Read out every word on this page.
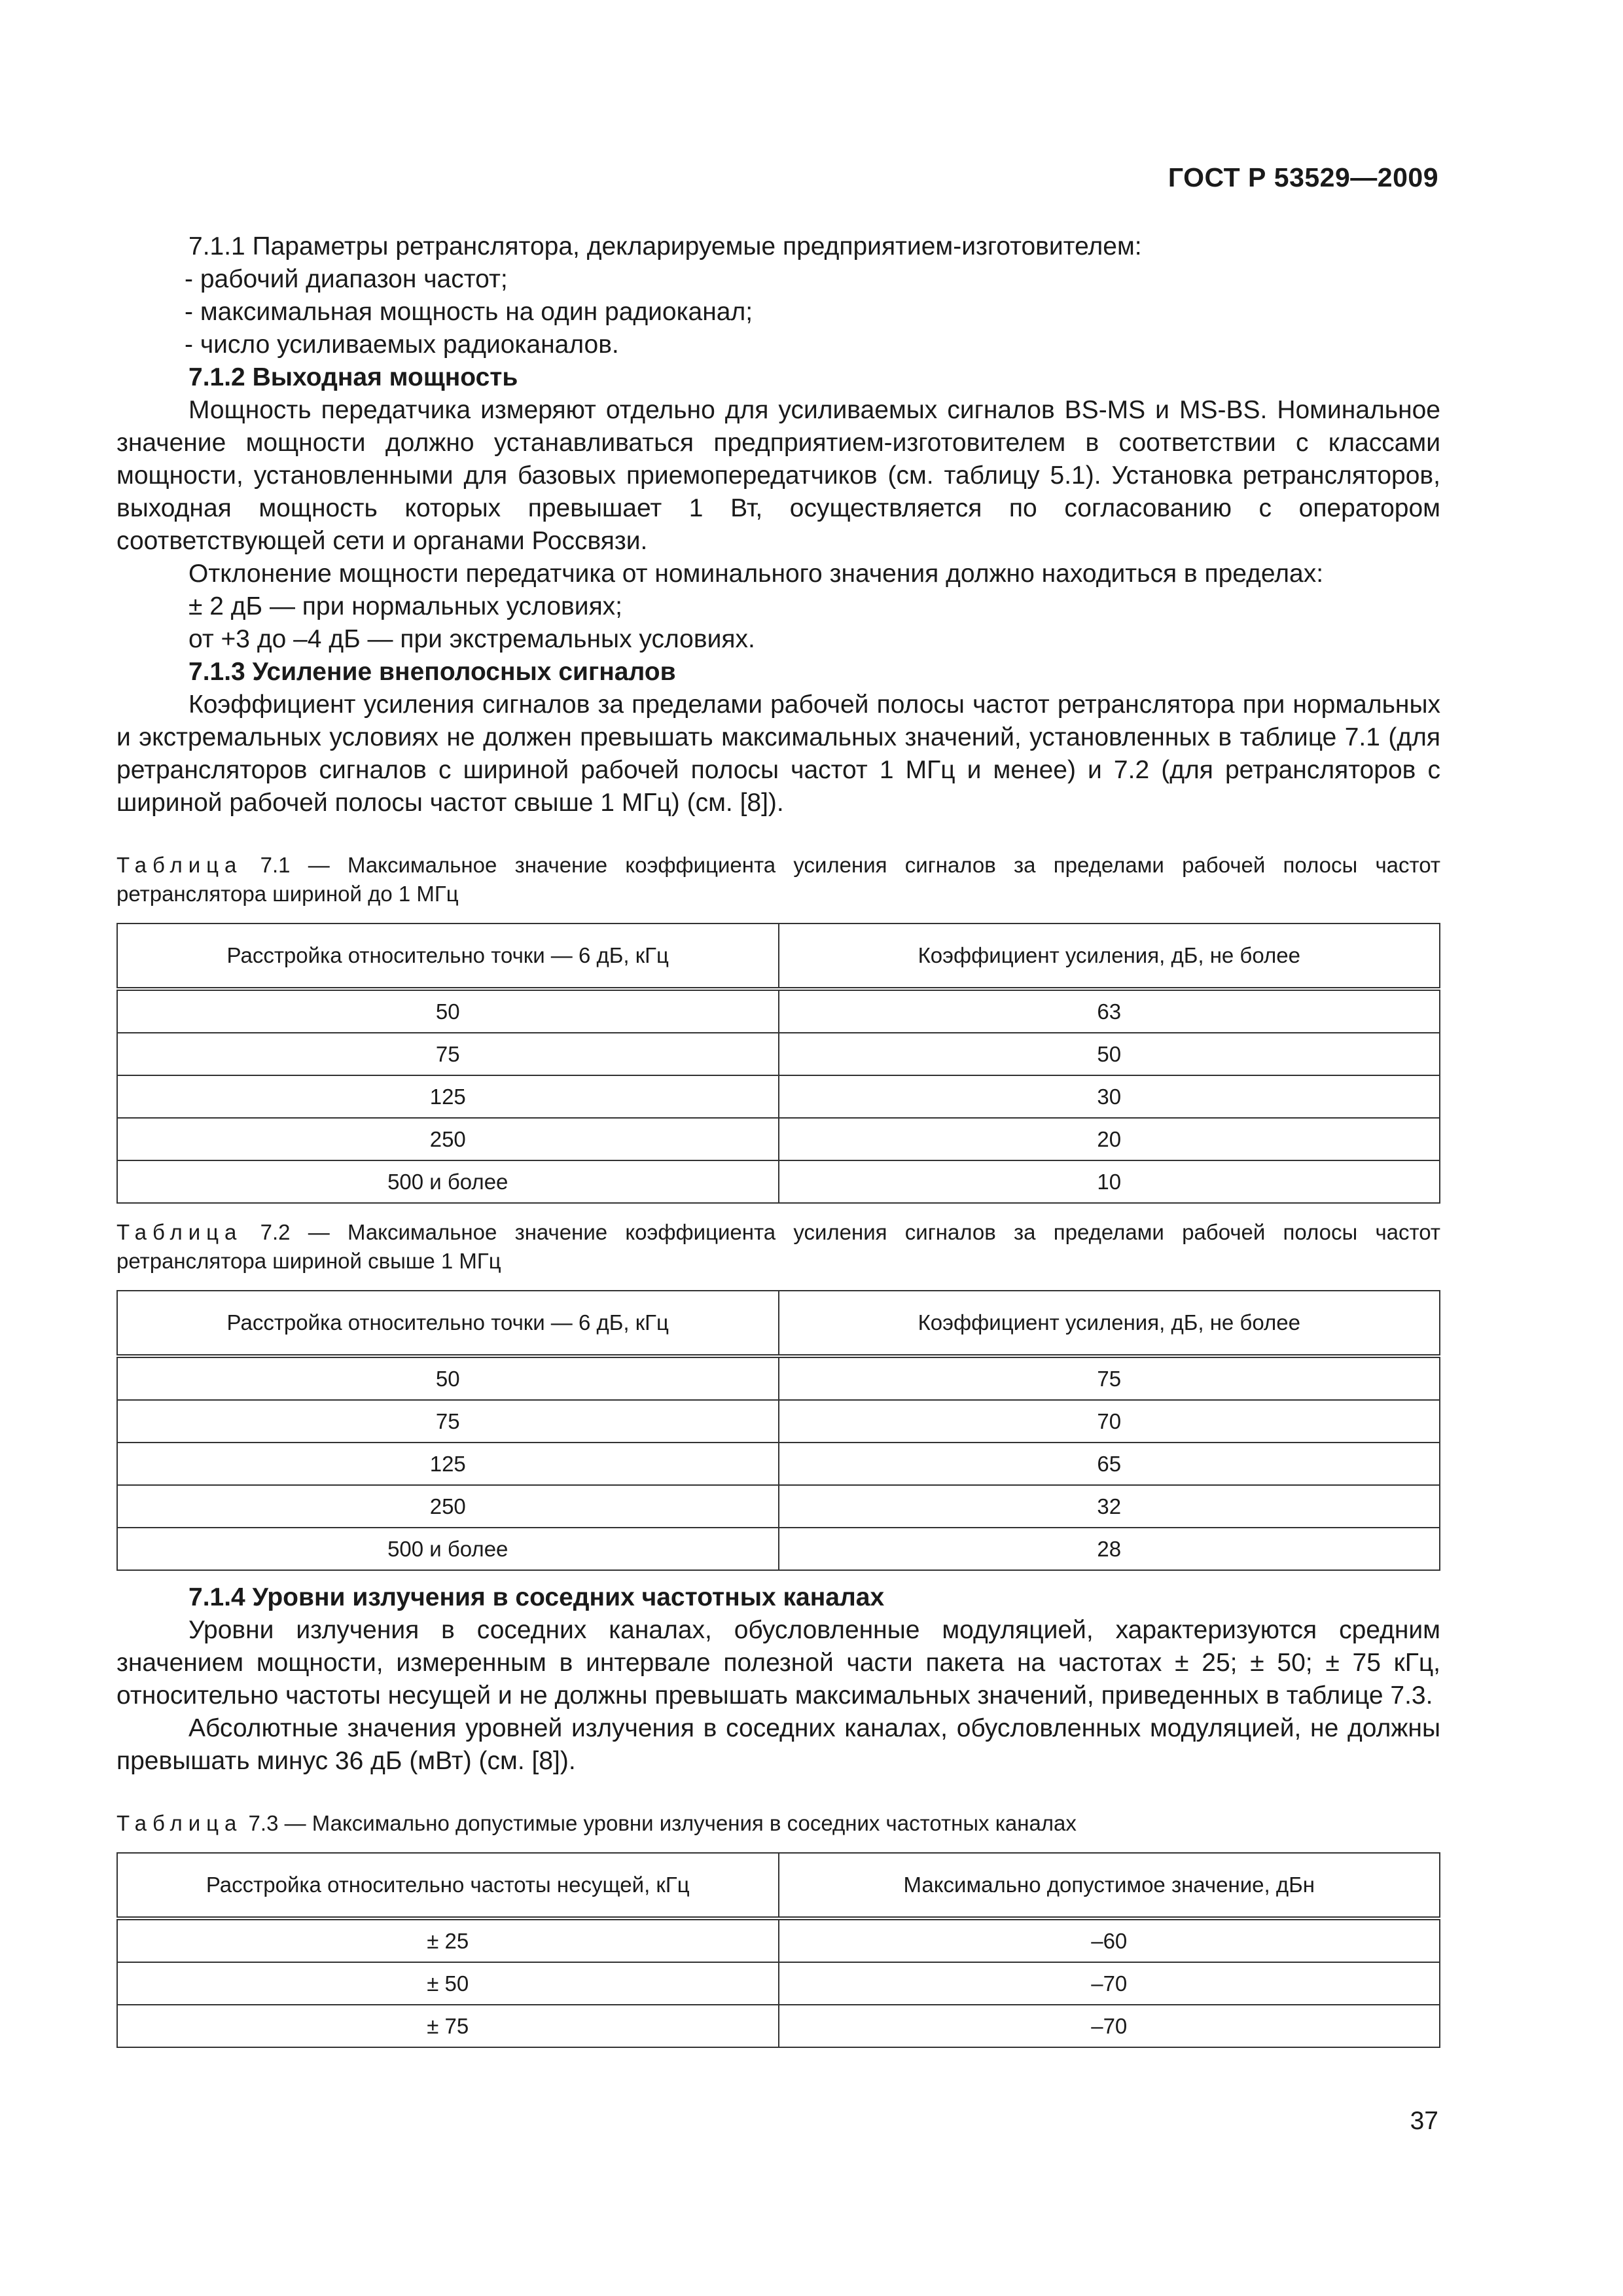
ГОСТ Р 53529—2009

7.1.1 Параметры ретранслятора, декларируемые предприятием-изготовителем:

- рабочий диапазон частот;

- максимальная мощность на один радиоканал;

- число усиливаемых радиоканалов.

7.1.2 Выходная мощность

Мощность передатчика измеряют отдельно для усиливаемых сигналов BS-MS и MS-BS. Номинальное значение мощности должно устанавливаться предприятием-изготовителем в соответствии с классами мощности, установленными для базовых приемопередатчиков (см. таблицу 5.1). Установка ретрансляторов, выходная мощность которых превышает 1 Вт, осуществляется по согласованию с оператором соответствующей сети и органами Россвязи.

Отклонение мощности передатчика от номинального значения должно находиться в пределах:

± 2 дБ — при нормальных условиях;

от +3 до –4 дБ — при экстремальных условиях.

7.1.3 Усиление внеполосных сигналов

Коэффициент усиления сигналов за пределами рабочей полосы частот ретранслятора при нормальных и экстремальных условиях не должен превышать максимальных значений, установленных в таблице 7.1 (для ретрансляторов сигналов с шириной рабочей полосы частот 1 МГц и менее) и 7.2 (для ретрансляторов с шириной рабочей полосы частот свыше 1 МГц) (см. [8]).

Таблица 7.1 — Максимальное значение коэффициента усиления сигналов за пределами рабочей полосы частот ретранслятора шириной до 1 МГц

Расстройка относительно точки — 6 дБ, кГц	Коэффициент усиления, дБ, не более
50	63
75	50
125	30
250	20
500 и более	10

Таблица 7.2 — Максимальное значение коэффициента усиления сигналов за пределами рабочей полосы частот ретранслятора шириной свыше 1 МГц

Расстройка относительно точки — 6 дБ, кГц	Коэффициент усиления, дБ, не более
50	75
75	70
125	65
250	32
500 и более	28

7.1.4 Уровни излучения в соседних частотных каналах

Уровни излучения в соседних каналах, обусловленные модуляцией, характеризуются средним значением мощности, измеренным в интервале полезной части пакета на частотах ± 25; ± 50; ± 75 кГц, относительно частоты несущей и не должны превышать максимальных значений, приведенных в таблице 7.3.

Абсолютные значения уровней излучения в соседних каналах, обусловленных модуляцией, не должны превышать минус 36 дБ (мВт) (см. [8]).

Таблица 7.3 — Максимально допустимые уровни излучения в соседних частотных каналах

Расстройка относительно частоты несущей, кГц	Максимально допустимое значение, дБн
± 25	–60
± 50	–70
± 75	–70
37
